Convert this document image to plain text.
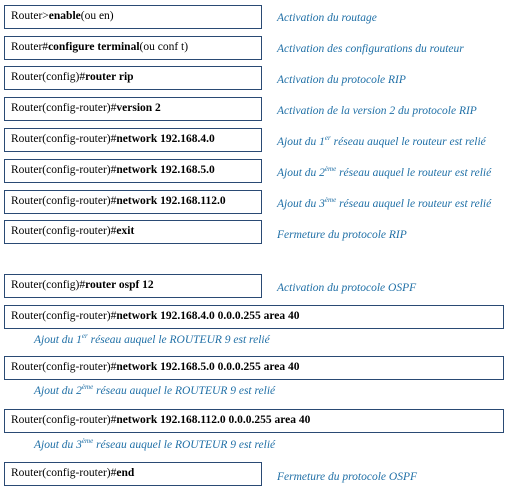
Router> enable (ou en)	Activation du routage
Router# configure terminal (ou conf t)	Activation des configurations du routeur
Router(config)# router rip	Activation du protocole RIP
Router(config-router)# version 2	Activation de la version 2 du protocole RIP
Router(config-router)# network 192.168.4.0	Ajout du 1er réseau auquel le routeur est relié
Router(config-router)# network 192.168.5.0	Ajout du 2ème réseau auquel le routeur est relié
Router(config-router)# network 192.168.112.0	Ajout du 3ème réseau auquel le routeur est relié
Router(config-router)# exit	Fermeture du protocole RIP
Router(config)# router ospf 12	Activation du protocole OSPF
Router(config-router)# network 192.168.4.0 0.0.0.255 area 40
Ajout du 1er réseau auquel le ROUTEUR 9 est relié
Router(config-router)# network 192.168.5.0 0.0.0.255 area 40
Ajout du 2ème réseau auquel le ROUTEUR 9 est relié
Router(config-router)# network 192.168.112.0 0.0.0.255 area 40
Ajout du 3ème réseau auquel le ROUTEUR 9 est relié
Router(config-router)# end	Fermeture du protocole OSPF
